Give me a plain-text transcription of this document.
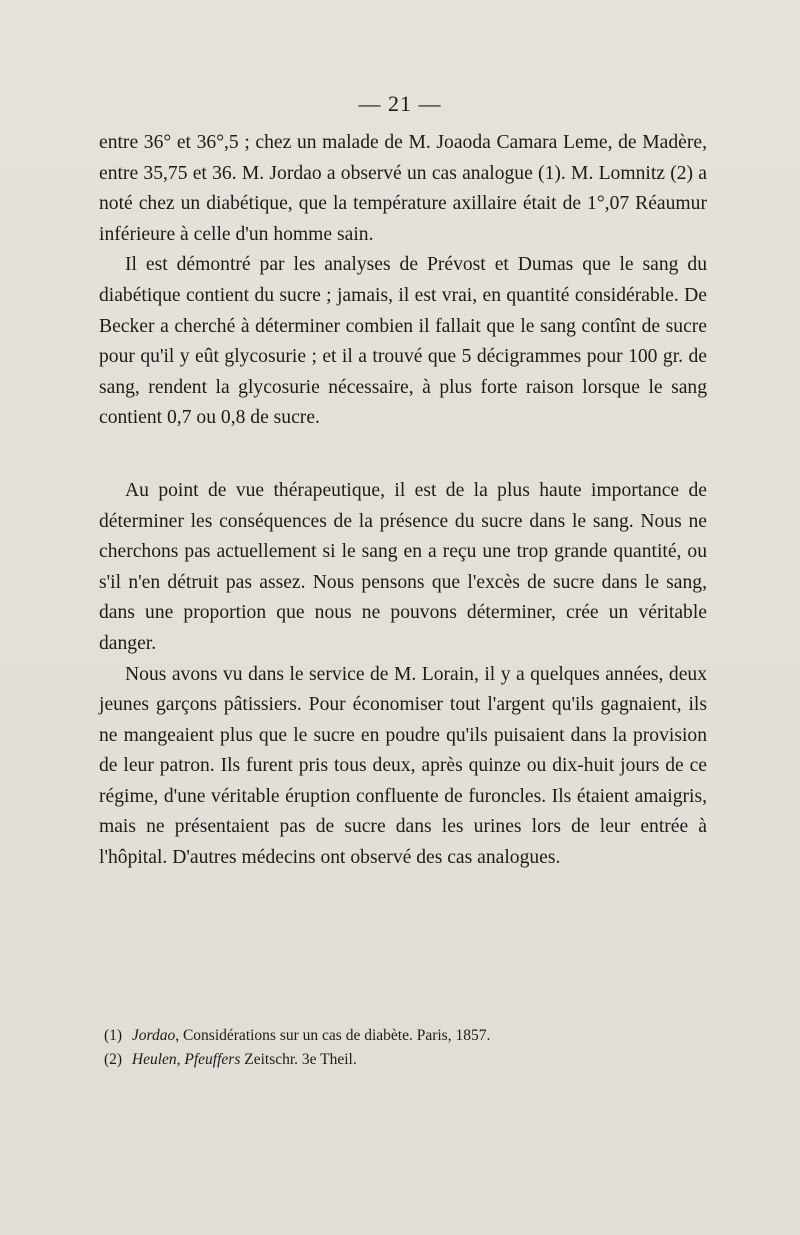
— 21 —

entre 36° et 36°,5 ; chez un malade de M. Joaoda Camara Leme, de Madère, entre 35,75 et 36. M. Jordao a observé un cas analogue (1). M. Lomnitz (2) a noté chez un diabétique, que la température axillaire était de 1°,07 Réaumur inférieure à celle d'un homme sain.

Il est démontré par les analyses de Prévost et Dumas que le sang du diabétique contient du sucre ; jamais, il est vrai, en quantité considérable. De Becker a cherché à déterminer combien il fallait que le sang contînt de sucre pour qu'il y eût glycosurie ; et il a trouvé que 5 décigrammes pour 100 gr. de sang, rendent la glycosurie nécessaire, à plus forte raison lorsque le sang contient 0,7 ou 0,8 de sucre.

Au point de vue thérapeutique, il est de la plus haute importance de déterminer les conséquences de la présence du sucre dans le sang. Nous ne cherchons pas actuellement si le sang en a reçu une trop grande quantité, ou s'il n'en détruit pas assez. Nous pensons que l'excès de sucre dans le sang, dans une proportion que nous ne pouvons déterminer, crée un véritable danger.

Nous avons vu dans le service de M. Lorain, il y a quelques années, deux jeunes garçons pâtissiers. Pour économiser tout l'argent qu'ils gagnaient, ils ne mangeaient plus que le sucre en poudre qu'ils puisaient dans la provision de leur patron. Ils furent pris tous deux, après quinze ou dix-huit jours de ce régime, d'une véritable éruption confluente de furoncles. Ils étaient amaigris, mais ne présentaient pas de sucre dans les urines lors de leur entrée à l'hôpital. D'autres médecins ont observé des cas analogues.

(1) Jordao, Considérations sur un cas de diabète. Paris, 1857.

(2) Heulen, Pfeuffers Zeitschr. 3e Theil.
